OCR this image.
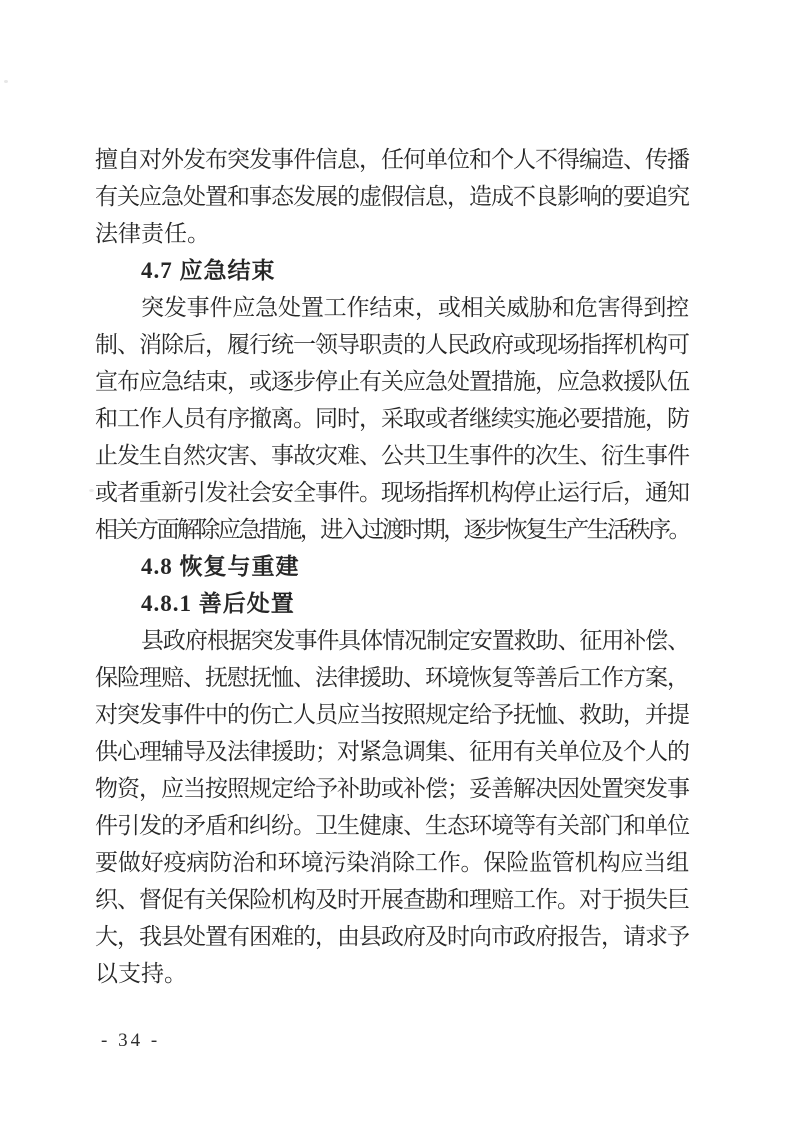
擅自对外发布突发事件信息，任何单位和个人不得编造、传播
有关应急处置和事态发展的虚假信息，造成不良影响的要追究
法律责任。
4.7 应急结束
突发事件应急处置工作结束，或相关威胁和危害得到控
制、消除后，履行统一领导职责的人民政府或现场指挥机构可
宣布应急结束，或逐步停止有关应急处置措施，应急救援队伍
和工作人员有序撤离。同时，采取或者继续实施必要措施，防
止发生自然灾害、事故灾难、公共卫生事件的次生、衍生事件
或者重新引发社会安全事件。现场指挥机构停止运行后，通知
相关方面解除应急措施，进入过渡时期，逐步恢复生产生活秩序。
4.8 恢复与重建
4.8.1 善后处置
县政府根据突发事件具体情况制定安置救助、征用补偿、
保险理赔、抚慰抚恤、法律援助、环境恢复等善后工作方案，
对突发事件中的伤亡人员应当按照规定给予抚恤、救助，并提
供心理辅导及法律援助；对紧急调集、征用有关单位及个人的
物资，应当按照规定给予补助或补偿；妥善解决因处置突发事
件引发的矛盾和纠纷。卫生健康、生态环境等有关部门和单位
要做好疫病防治和环境污染消除工作。保险监管机构应当组
织、督促有关保险机构及时开展查勘和理赔工作。对于损失巨
大，我县处置有困难的，由县政府及时向市政府报告，请求予
以支持。
- 34 -
